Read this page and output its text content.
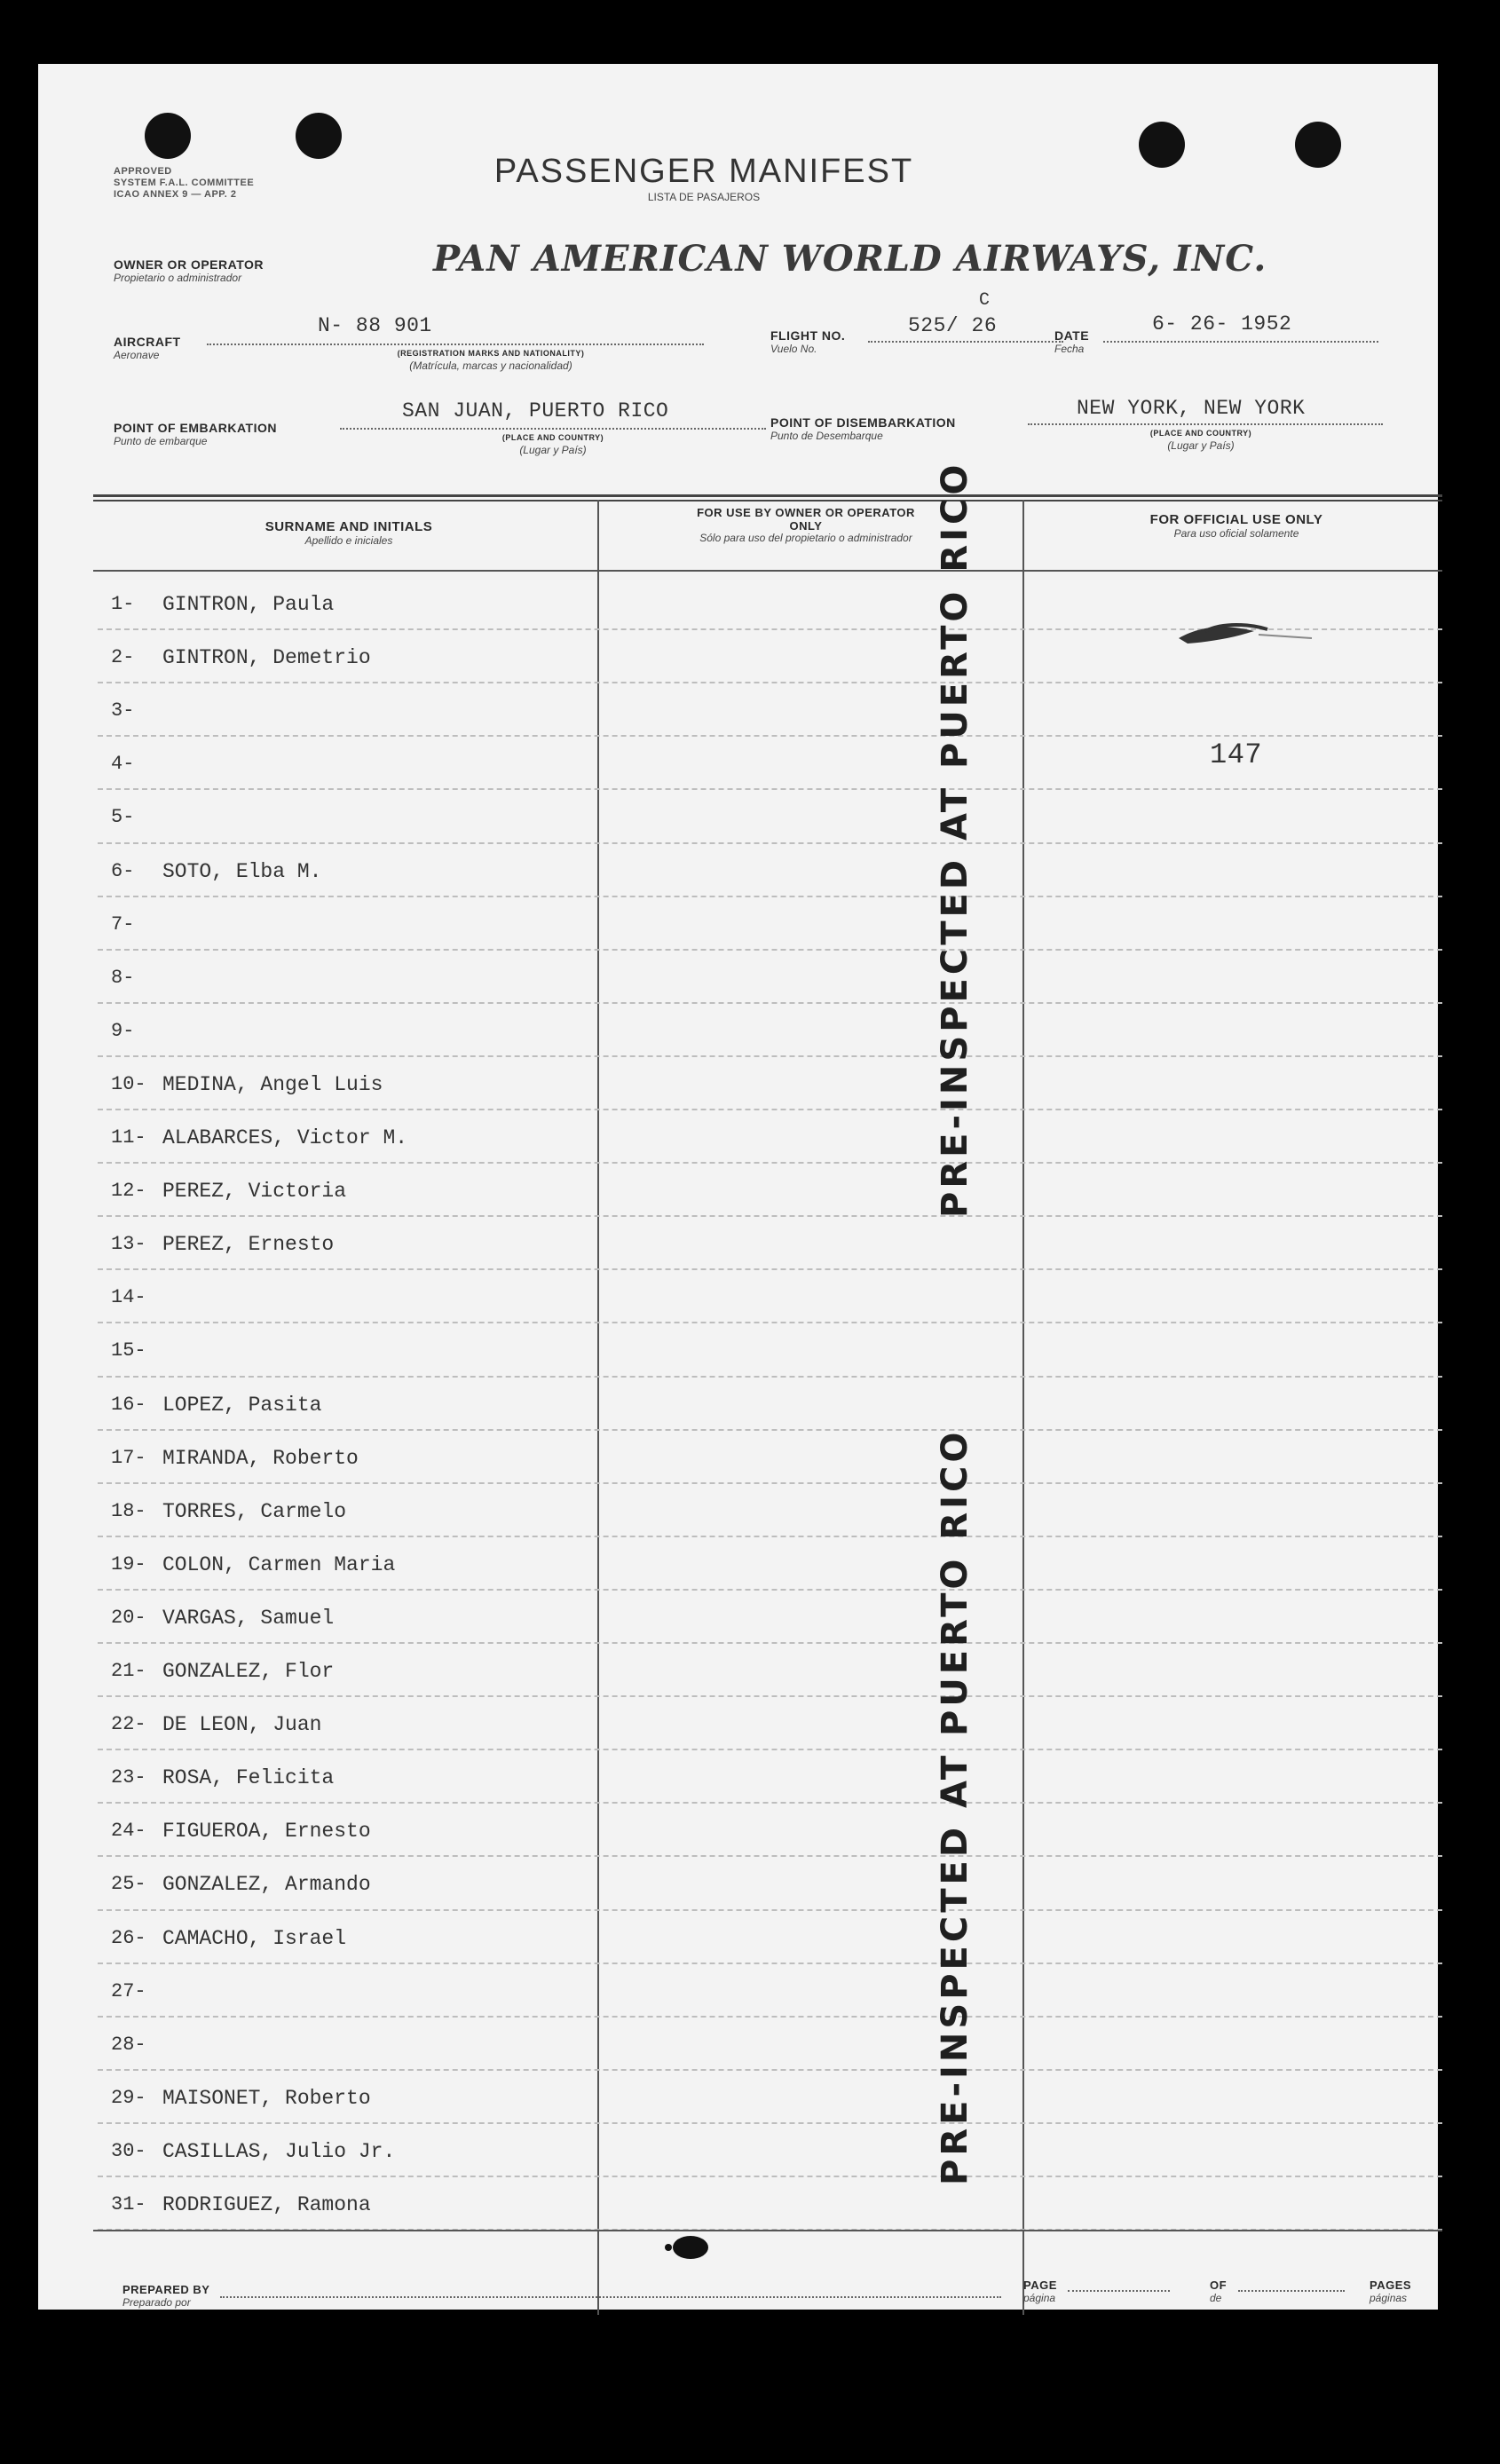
APPROVED
SYSTEM F.A.L. COMMITTEE
ICAO ANNEX 9 — APP. 2
PASSENGER MANIFEST
LISTA DE PASAJEROS
OWNER OR OPERATOR
Propietario o administrador	PAN AMERICAN WORLD AIRWAYS, INC.
AIRCRAFT
Aeronave
N- 88 901
(REGISTRATION MARKS AND NATIONALITY)
(Matrícula, marcas y nacionalidad)
FLIGHT NO.
Vuelo No.
C
525/ 26	DATE
Fecha
6- 26- 1952
POINT OF EMBARKATION
Punto de embarque
SAN JUAN, PUERTO RICO
(PLACE AND COUNTRY)
(Lugar y País)
POINT OF DISEMBARKATION
Punto de Desembarque
NEW YORK, NEW YORK
(PLACE AND COUNTRY)
(Lugar y País)
SURNAME AND INITIALS
Apellido e iniciales
FOR USE BY OWNER OR OPERATOR ONLY
Sólo para uso del propietario o administrador
FOR OFFICIAL USE ONLY
Para uso oficial solamente
1-	GINTRON, Paula
2-	GINTRON, Demetrio
3-
4-
5-
6-	SOTO, Elba M.
7-
8-
9-
10- MEDINA, Angel Luis
11- ALABARCES, Victor M.
12- PEREZ, Victoria
13- PEREZ, Ernesto
14-
15-
16- LOPEZ, Pasita
17- MIRANDA, Roberto
18- TORRES, Carmelo
19- COLON, Carmen Maria
20- VARGAS, Samuel
21- GONZALEZ, Flor
22- DE LEON, Juan
23- ROSA, Felicita
24- FIGUEROA, Ernesto
25- GONZALEZ, Armando
26- CAMACHO, Israel
27-
28-
29- MAISONET, Roberto
30- CASILLAS, Julio Jr.
31- RODRIGUEZ, Ramona
PRE-INSPECTED AT PUERTO RICO
PRE-INSPECTED AT PUERTO RICO
147
PREPARED BY
Preparado por
PAGE
página
OF
de
PAGES
páginas
